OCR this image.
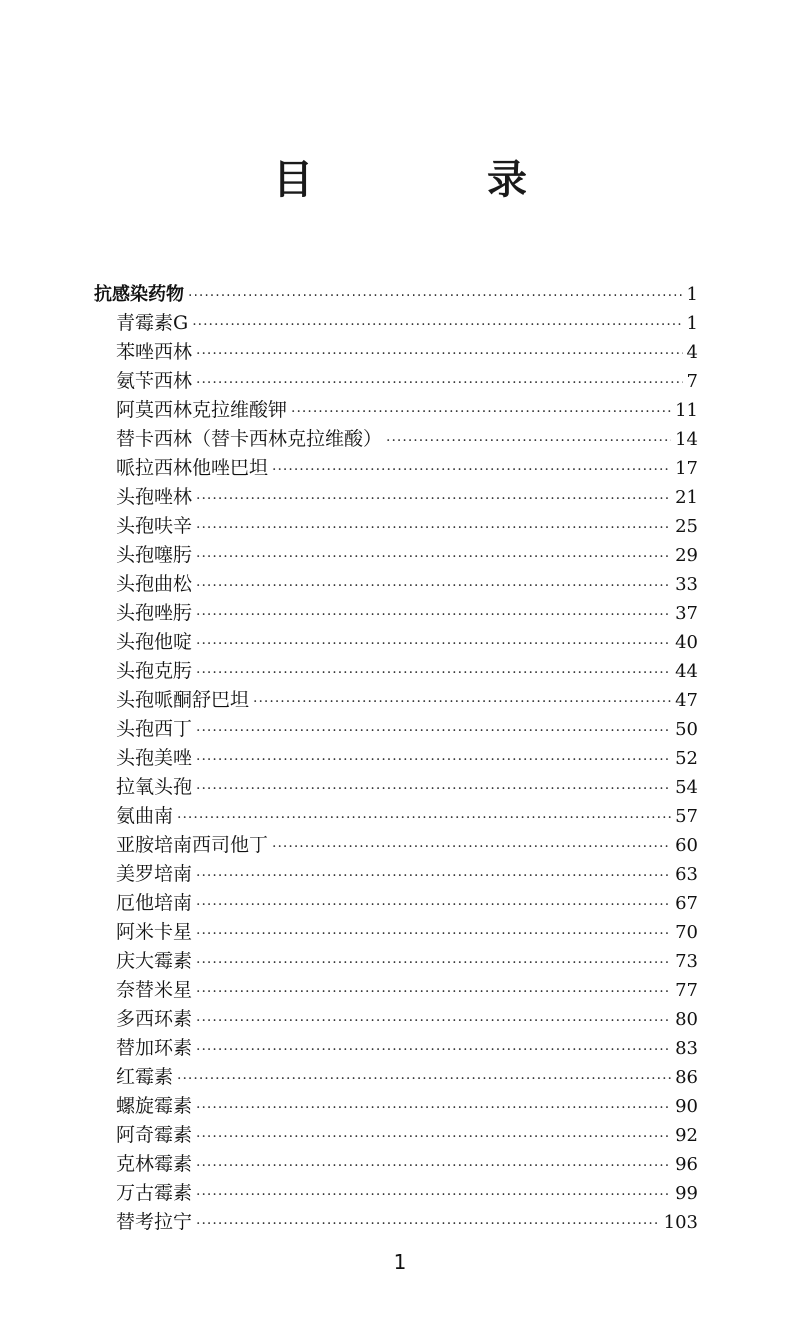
目 录
抗感染药物 ·····	1
青霉素G ·····	1
苯唑西林 ·····	4
氨苄西林 ·····	7
阿莫西林克拉维酸钾 ·····	11
替卡西林（替卡西林克拉维酸） ·····	14
哌拉西林他唑巴坦 ·····	17
头孢唑林 ·····	21
头孢呋辛 ·····	25
头孢噻肟 ·····	29
头孢曲松 ·····	33
头孢唑肟 ·····	37
头孢他啶 ·····	40
头孢克肟 ·····	44
头孢哌酮舒巴坦 ·····	47
头孢西丁 ·····	50
头孢美唑 ·····	52
拉氧头孢 ·····	54
氨曲南 ·····	57
亚胺培南西司他丁 ·····	60
美罗培南 ·····	63
厄他培南 ·····	67
阿米卡星 ·····	70
庆大霉素 ·····	73
奈替米星 ·····	77
多西环素 ·····	80
替加环素 ·····	83
红霉素 ·····	86
螺旋霉素 ·····	90
阿奇霉素 ·····	92
克林霉素 ·····	96
万古霉素 ·····	99
替考拉宁 ·····	103
1
